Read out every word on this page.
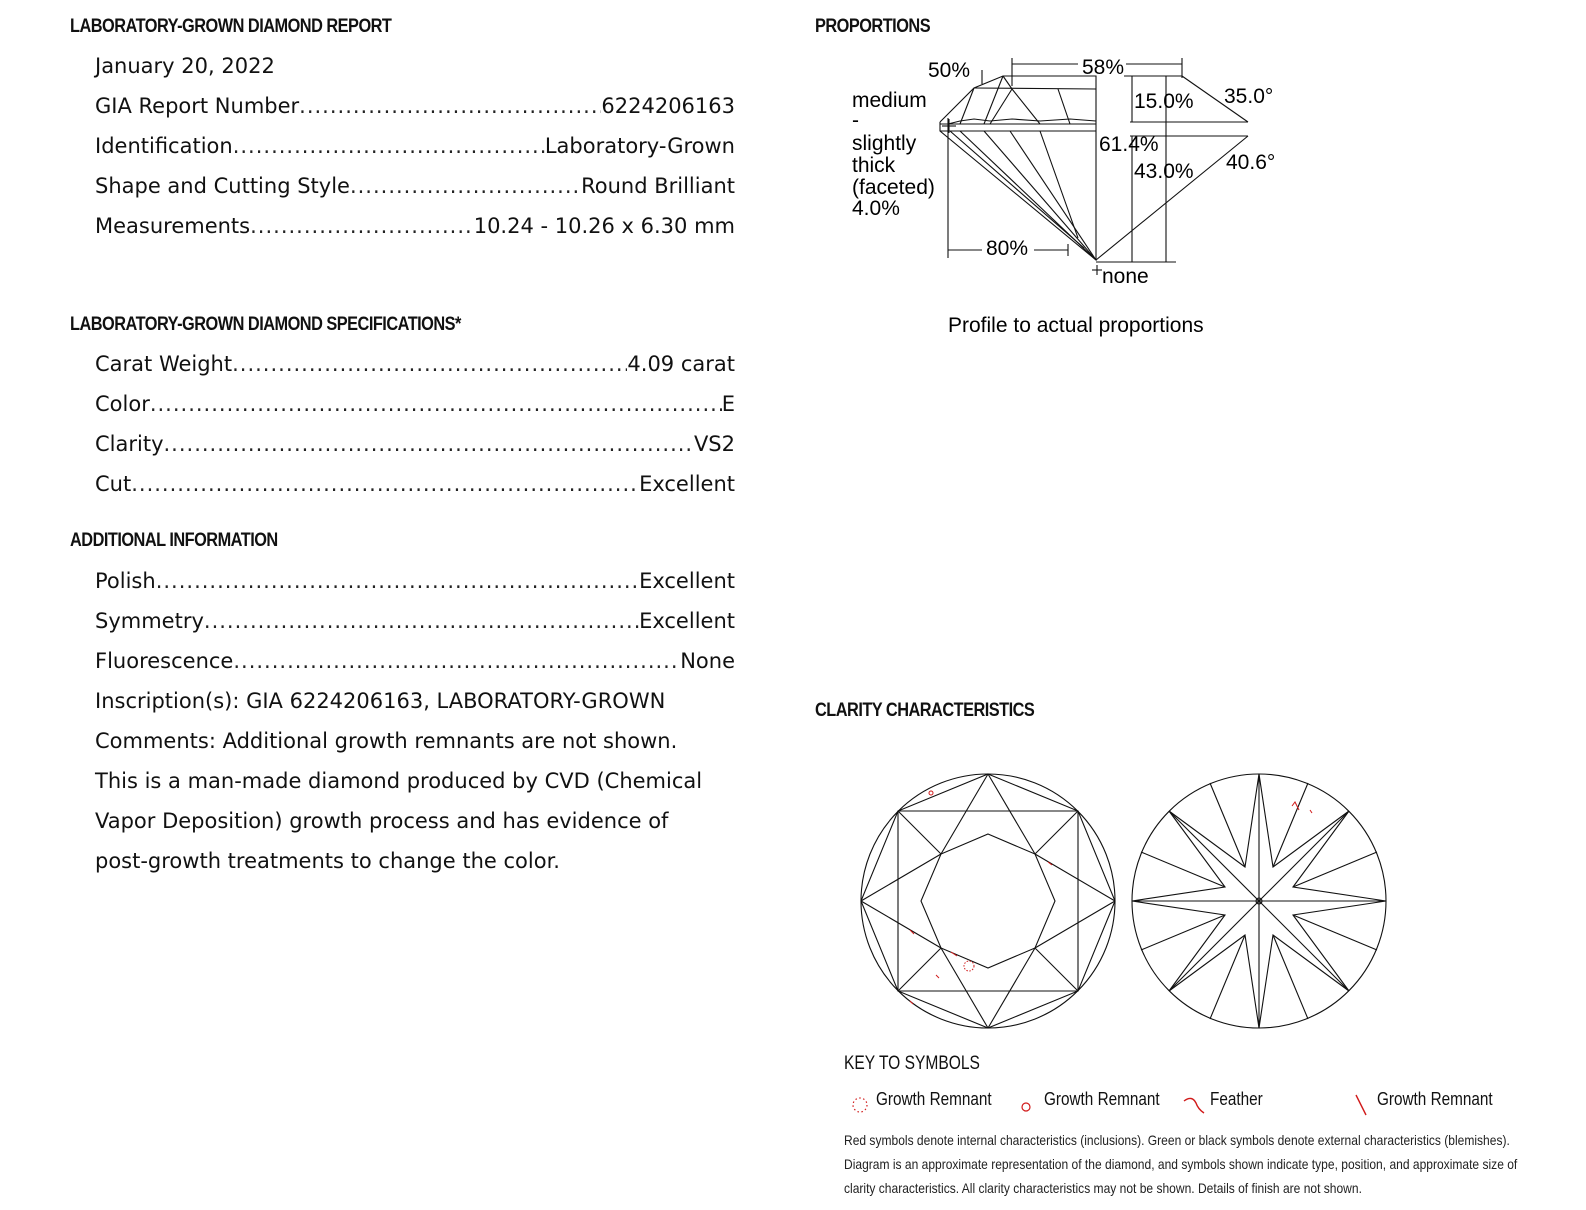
LABORATORY-GROWN DIAMOND REPORT
January 20, 2022
GIA Report Number .....	6224206163
Identification .....	Laboratory-Grown
Shape and Cutting Style .....	Round Brilliant
Measurements .....	10.24 - 10.26 x 6.30 mm
LABORATORY-GROWN DIAMOND SPECIFICATIONS*
Carat Weight .....	4.09 carat
Color .....	E
Clarity .....	VS2
Cut .....	Excellent
ADDITIONAL INFORMATION
Polish .....	Excellent
Symmetry .....	Excellent
Fluorescence .....	None
Inscription(s): GIA 6224206163, LABORATORY-GROWN
Comments: Additional growth remnants are not shown.
This is a man-made diamond produced by CVD (Chemical
Vapor Deposition) growth process and has evidence of
post-growth treatments to change the color.
PROPORTIONS
50%	58%
15.0% 35.0°
61.4%
43.0% 40.6°
80%
none
medium
-
slightly
thick
(faceted)
4.0%
Profile to actual proportions
CLARITY CHARACTERISTICS
KEY TO SYMBOLS
Growth Remnant	Growth Remnant	Feather	Growth Remnant
Red symbols denote internal characteristics (inclusions). Green or black symbols denote external characteristics (blemishes).
Diagram is an approximate representation of the diamond, and symbols shown indicate type, position, and approximate size of
clarity characteristics. All clarity characteristics may not be shown. Details of finish are not shown.
